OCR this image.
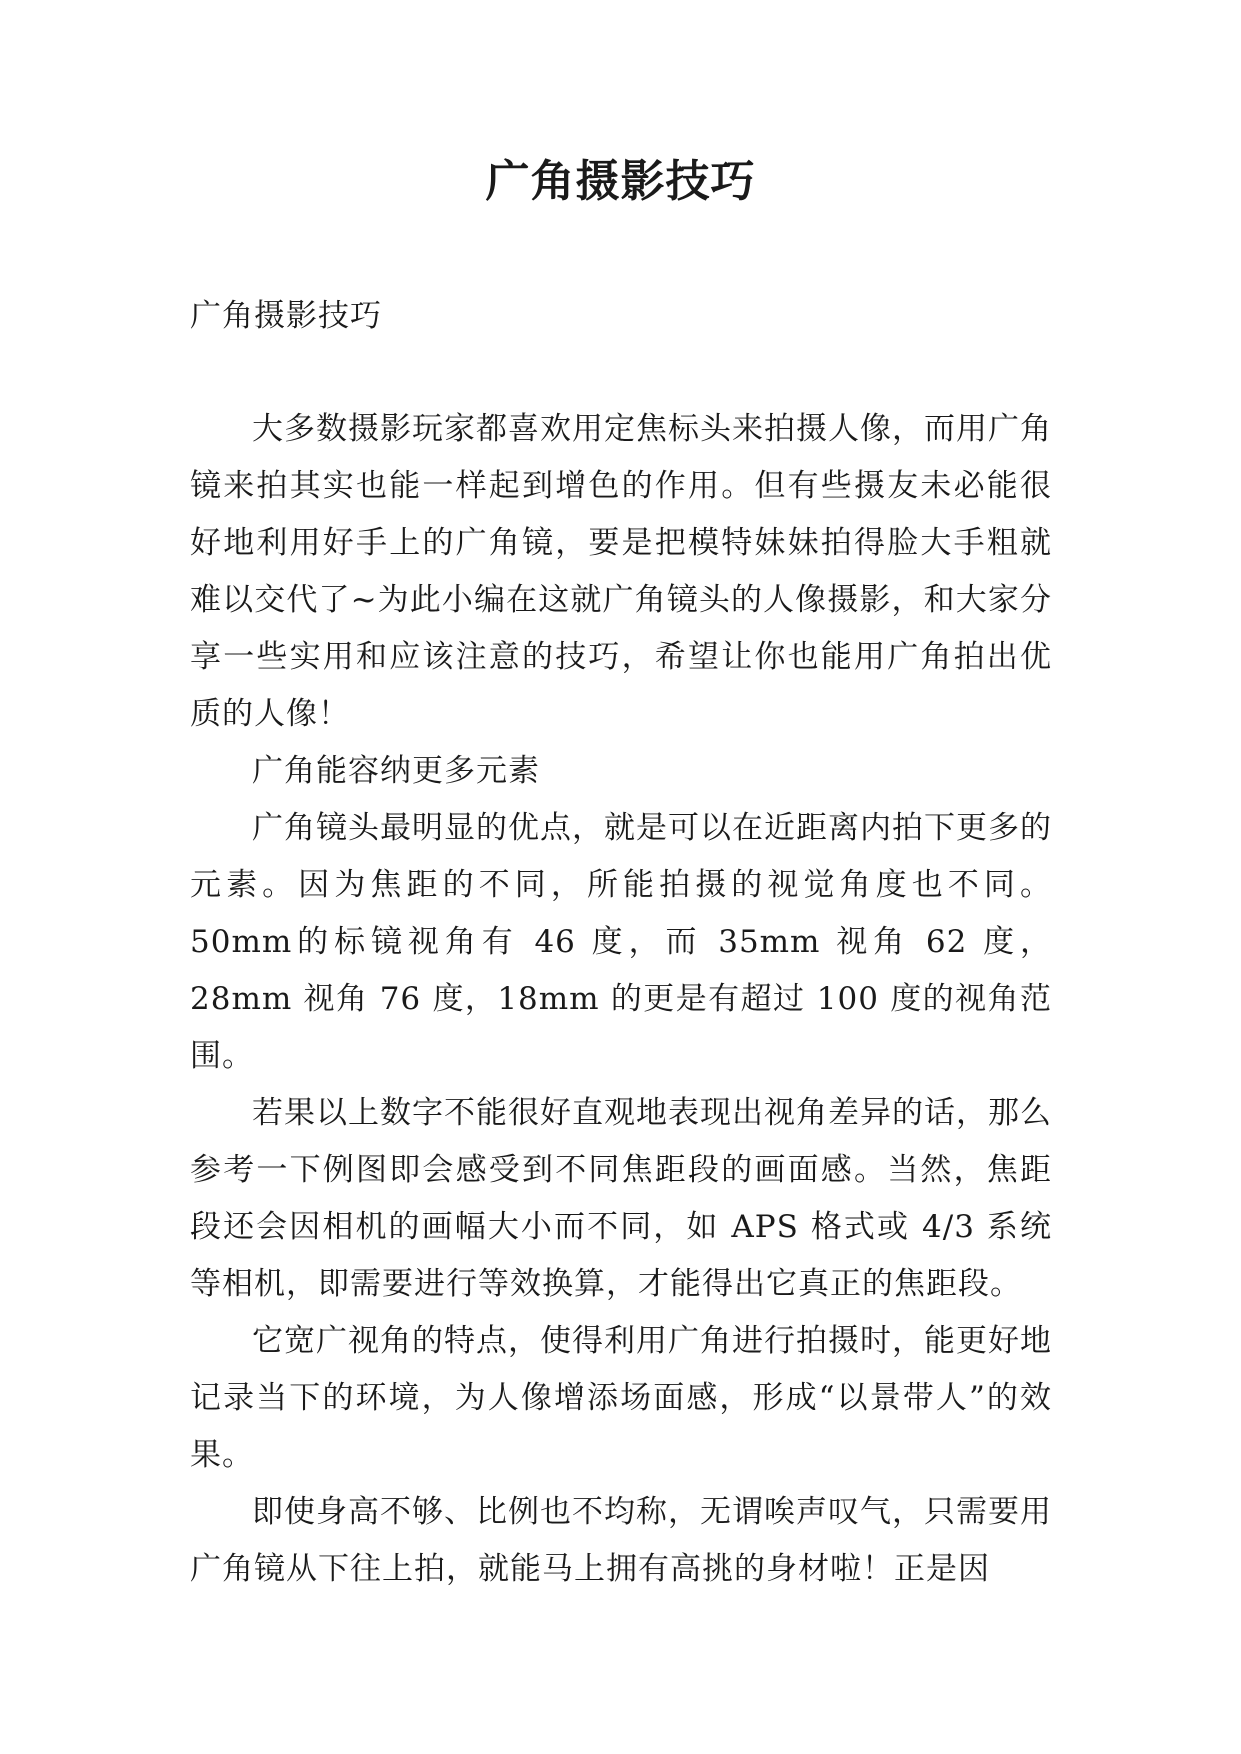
广角摄影技巧

广角摄影技巧

大多数摄影玩家都喜欢用定焦标头来拍摄人像，而用广角镜来拍其实也能一样起到增色的作用。但有些摄友未必能很好地利用好手上的广角镜，要是把模特妹妹拍得脸大手粗就难以交代了~为此小编在这就广角镜头的人像摄影，和大家分享一些实用和应该注意的技巧，希望让你也能用广角拍出优质的人像！

广角能容纳更多元素

广角镜头最明显的优点，就是可以在近距离内拍下更多的元素。因为焦距的不同，所能拍摄的视觉角度也不同。50mm的标镜视角有 46 度，而 35mm 视角 62 度，28mm 视角 76 度，18mm 的更是有超过 100 度的视角范围。

若果以上数字不能很好直观地表现出视角差异的话，那么参考一下例图即会感受到不同焦距段的画面感。当然，焦距段还会因相机的画幅大小而不同，如 APS 格式或 4/3 系统等相机，即需要进行等效换算，才能得出它真正的焦距段。

它宽广视角的特点，使得利用广角进行拍摄时，能更好地记录当下的环境，为人像增添场面感，形成“以景带人”的效果。

即使身高不够、比例也不均称，无谓唉声叹气，只需要用广角镜从下往上拍，就能马上拥有高挑的身材啦！正是因
